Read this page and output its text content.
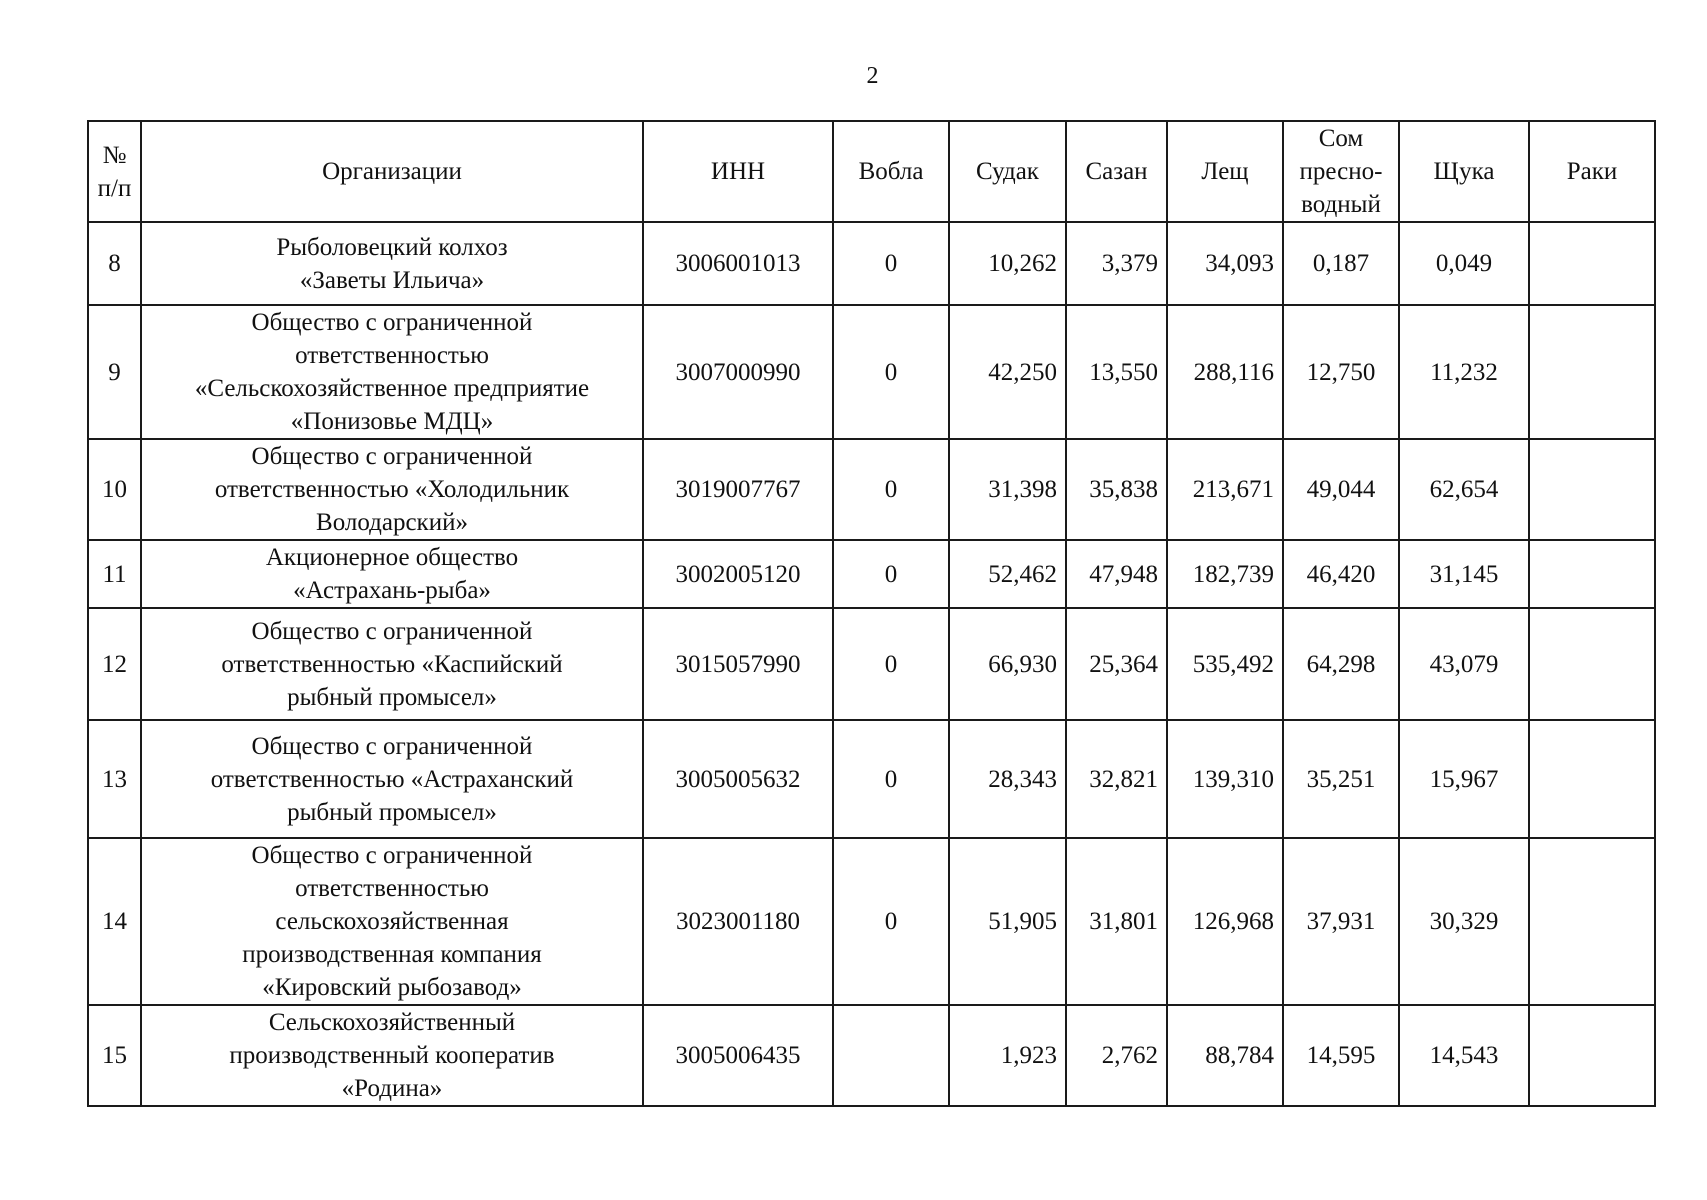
2
№
п/п	Организации	ИНН	Вобла	Судак	Сазан	Лещ	Сом
пресно-
водный	Щука	Раки
8	Рыболовецкий колхоз
«Заветы Ильича»	3006001013	0	10,262	3,379	34,093	0,187	0,049	
9	Общество с ограниченной
ответственностью
«Сельскохозяйственное предприятие
«Понизовье МДЦ»	3007000990	0	42,250	13,550	288,116	12,750	11,232	
10	Общество с ограниченной
ответственностью «Холодильник
Володарский»	3019007767	0	31,398	35,838	213,671	49,044	62,654	
11	Акционерное общество
«Астрахань-рыба»	3002005120	0	52,462	47,948	182,739	46,420	31,145	
12	Общество с ограниченной
ответственностью «Каспийский
рыбный промысел»	3015057990	0	66,930	25,364	535,492	64,298	43,079	
13	Общество с ограниченной
ответственностью «Астраханский
рыбный промысел»	3005005632	0	28,343	32,821	139,310	35,251	15,967	
14	Общество с ограниченной
ответственностью
сельскохозяйственная
производственная компания
«Кировский рыбозавод»	3023001180	0	51,905	31,801	126,968	37,931	30,329	
15	Сельскохозяйственный
производственный кооператив
«Родина»	3005006435		1,923	2,762	88,784	14,595	14,543	
